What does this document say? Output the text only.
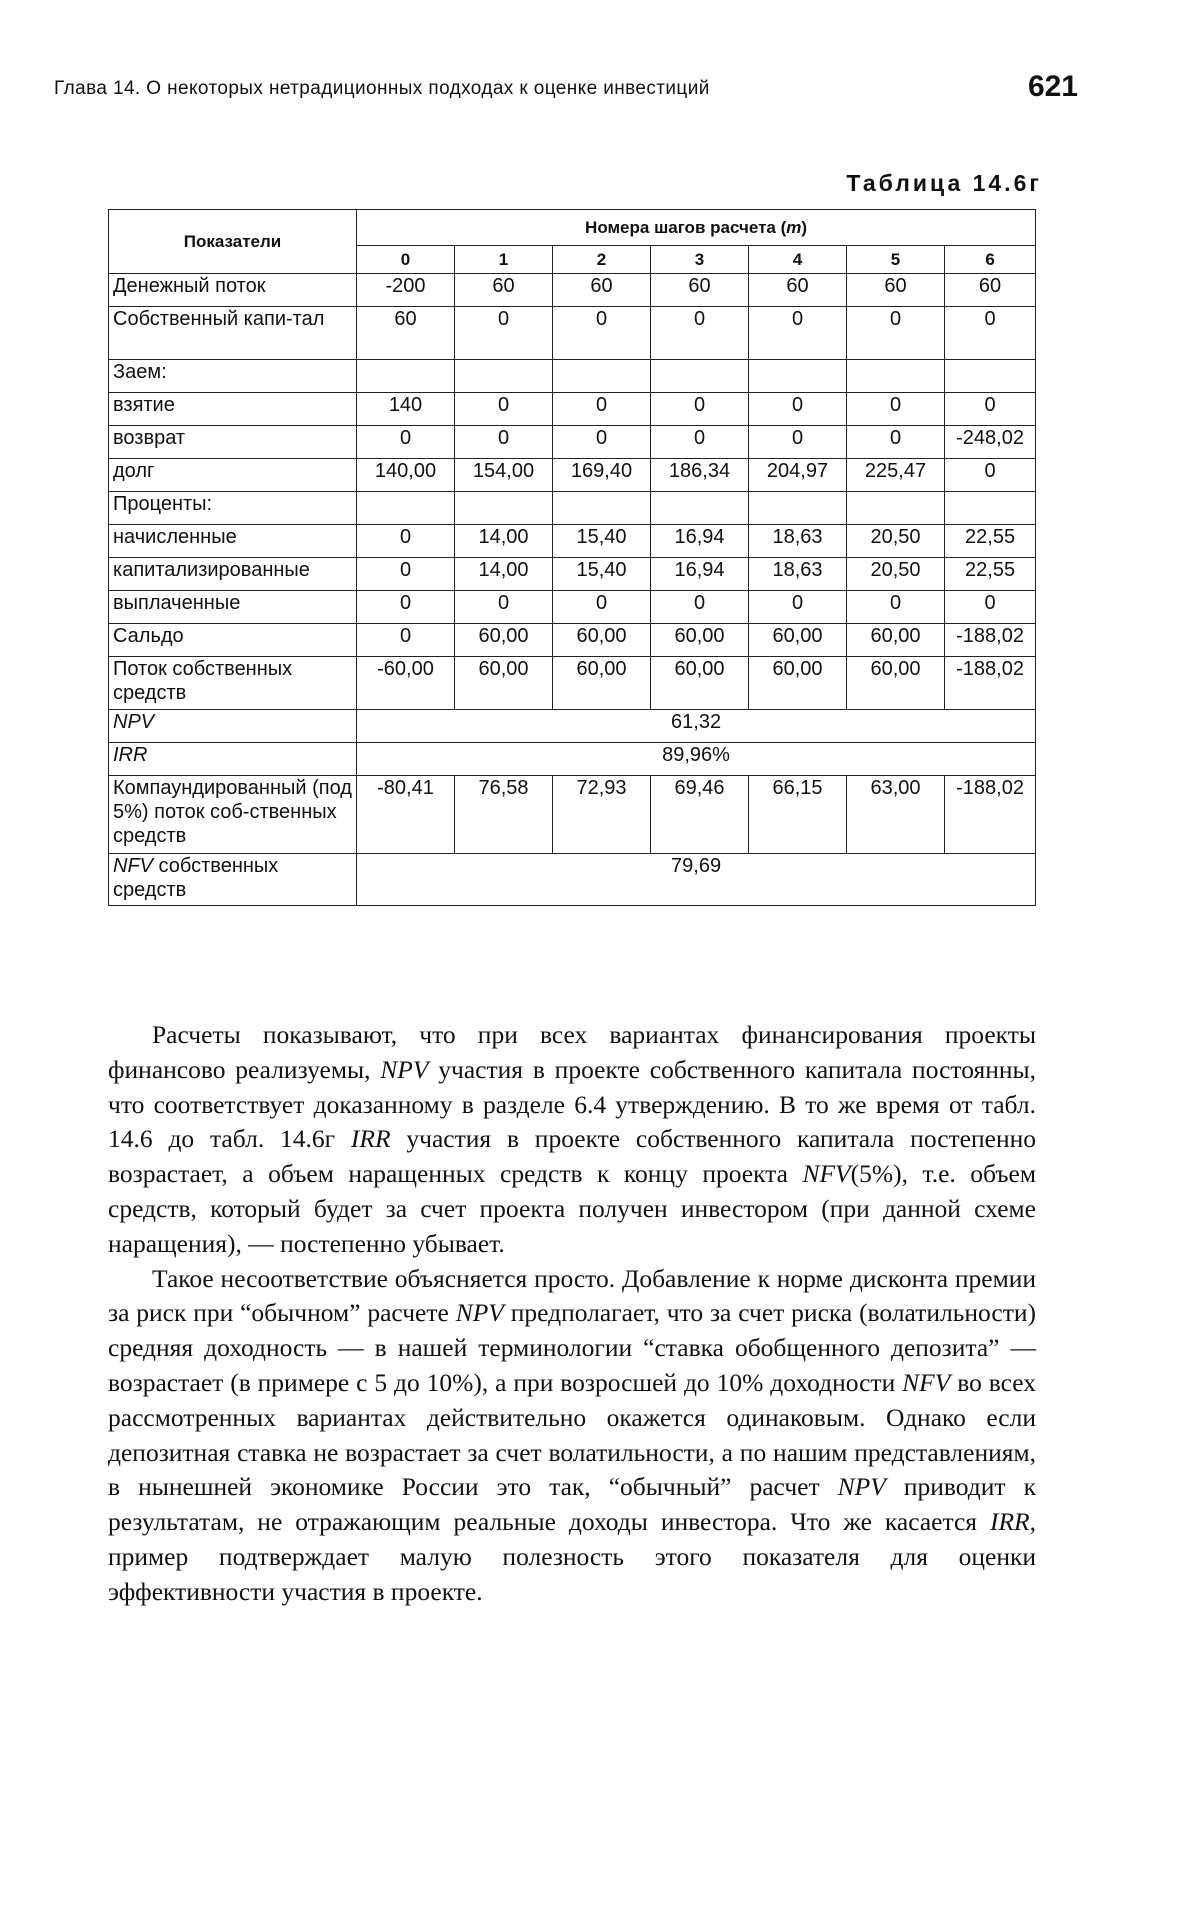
Глава 14. О некоторых нетрадиционных подходах к оценке инвестиций	621
Таблица 14.6г
Показатели	Номера шагов расчета (m)						
	0	1	2	3	4	5	6
Денежный поток	-200	60	60	60	60	60	60
Собственный капи-тал	60	0	0	0	0	0	0
Заем:							
взятие	140	0	0	0	0	0	0
возврат	0	0	0	0	0	0	-248,02
долг	140,00	154,00	169,40	186,34	204,97	225,47	0
Проценты:							
начисленные	0	14,00	15,40	16,94	18,63	20,50	22,55
капитализированные	0	14,00	15,40	16,94	18,63	20,50	22,55
выплаченные	0	0	0	0	0	0	0
Сальдо	0	60,00	60,00	60,00	60,00	60,00	-188,02
Поток собственных средств	-60,00	60,00	60,00	60,00	60,00	60,00	-188,02
NPV	61,32						
IRR	89,96%						
Компаундированный (под 5%) поток соб-ственных средств	-80,41	76,58	72,93	69,46	66,15	63,00	-188,02
NFV собственных средств	79,69						

Расчеты показывают, что при всех вариантах финансирования проекты финансово реализуемы, NPV участия в проекте собственного капитала постоянны, что соответствует доказанному в разделе 6.4 утверждению. В то же время от табл. 14.6 до табл. 14.6г IRR участия в проекте собственного капитала постепенно возрастает, а объем наращенных средств к концу проекта NFV(5%), т.е. объем средств, который будет за счет проекта получен инвестором (при данной схеме наращения), — постепенно убывает.

Такое несоответствие объясняется просто. Добавление к норме дисконта премии за риск при “обычном” расчете NPV предполагает, что за счет риска (волатильности) средняя доходность — в нашей терминологии “ставка обобщенного депозита” — возрастает (в примере с 5 до 10%), а при возросшей до 10% доходности NFV во всех рассмотренных вариантах действительно окажется одинаковым. Однако если депозитная ставка не возрастает за счет волатильности, а по нашим представлениям, в нынешней экономике России это так, “обычный” расчет NPV приводит к результатам, не отражающим реальные доходы инвестора. Что же касается IRR, пример подтверждает малую полезность этого показателя для оценки эффективности участия в проекте.
